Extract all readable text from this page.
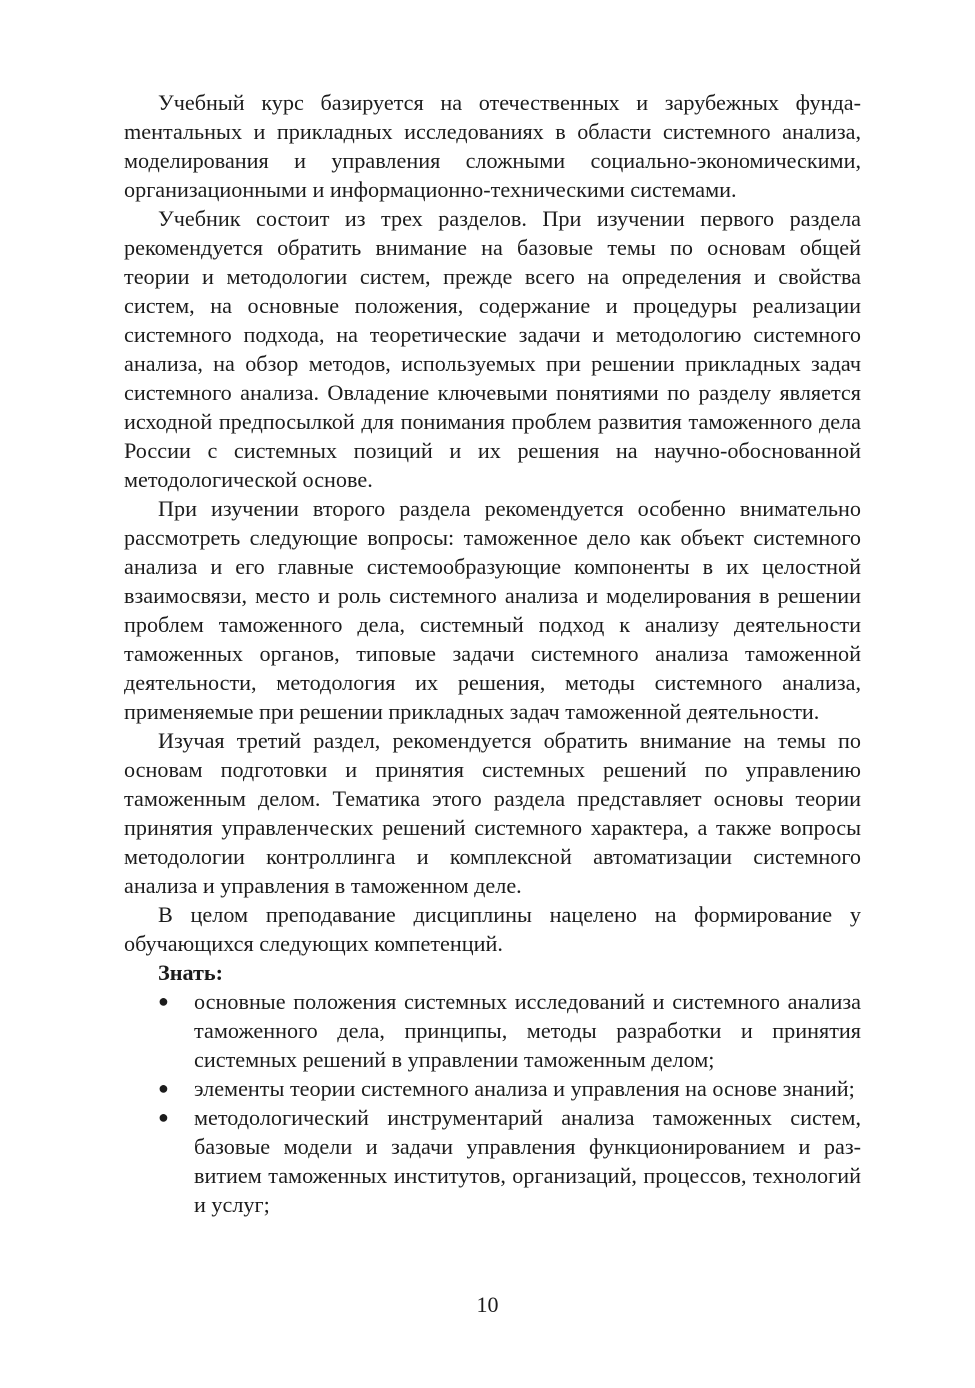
Учебный курс базируется на отечественных и зарубежных фундаmентальных и прикладных исследованиях в области системного анализа, моделирования и управления сложными социально-экономическими, организационными и информационно-техническими системами.

Учебник состоит из трех разделов. При изучении первого раздела рекомендуется обратить внимание на базовые темы по основам общей теории и методологии систем, прежде всего на определения и свойства систем, на основные положения, содержание и процедуры реализации системного подхода, на теоретические задачи и методологию системного анализа, на обзор методов, используемых при решении прикладных задач системного анализа. Овладение ключевыми понятиями по разделу является исходной предпосылкой для понимания проблем развития таможенного дела России с системных позиций и их решения на научно-обоснованной методологической основе.

При изучении второго раздела рекомендуется особенно внимательно рассмотреть следующие вопросы: таможенное дело как объект системного анализа и его главные системообразующие компоненты в их целостной взаимосвязи, место и роль системного анализа и моделирования в решении проблем таможенного дела, системный подход к анализу деятельности таможенных органов, типовые задачи системного анализа таможенной деятельности, методология их решения, методы системного анализа, применяемые при решении прикладных задач таможенной деятельности.

Изучая третий раздел, рекомендуется обратить внимание на темы по основам подготовки и принятия системных решений по управлению таможенным делом. Тематика этого раздела представляет основы теории принятия управленческих решений системного характера, а также вопросы методологии контроллинга и комплексной автоматизации системного анализа и управления в таможенном деле.

В целом преподавание дисциплины нацелено на формирование у обучающихся следующих компетенций.

Знать:

● основные положения системных исследований и системного анализа таможенного дела, принципы, методы разработки и принятия системных решений в управлении таможенным делом;
● элементы теории системного анализа и управления на основе знаний;
● методологический инструментарий анализа таможенных систем, базовые модели и задачи управления функционированием и развитием таможенных институтов, организаций, процессов, технологий и услуг;
10
